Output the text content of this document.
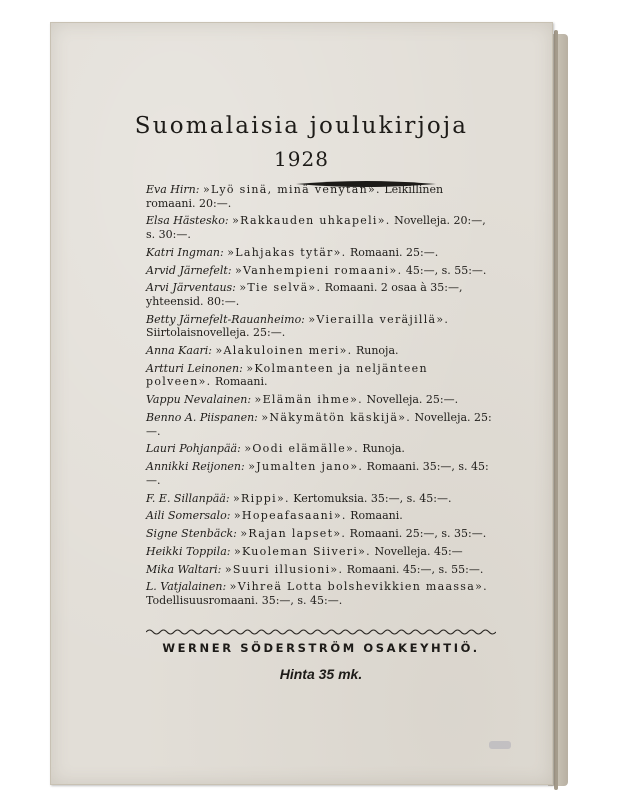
Suomalaisia joulukirjoja
1928

Eva Hirn: »Lyö sinä, minä venytän». Leikillinen romaani. 20:—.

Elsa Hästesko: »Rakkauden uhkapeli». Novelleja. 20:—, s. 30:—.

Katri Ingman: »Lahjakas tytär». Romaani. 25:—.

Arvid Järnefelt: »Vanhempieni romaani». 45:—, s. 55:—.

Arvi Järventaus: »Tie selvä». Romaani. 2 osaa à 35:—, yhteensid. 80:—.

Betty Järnefelt-Rauanheimo: »Vierailla veräjillä». Siirtolaisnovelleja. 25:—.

Anna Kaari: »Alakuloinen meri». Runoja.

Artturi Leinonen: »Kolmanteen ja neljänteen polveen». Romaani.

Vappu Nevalainen: »Elämän ihme». Novelleja. 25:—.

Benno A. Piispanen: »Näkymätön käskijä». Novelleja. 25:—.

Lauri Pohjanpää: »Oodi elämälle». Runoja.

Annikki Reijonen: »Jumalten jano». Romaani. 35:—, s. 45:—.

F. E. Sillanpää: »Rippi». Kertomuksia. 35:—, s. 45:—.

Aili Somersalo: »Hopeafasaani». Romaani.

Signe Stenbäck: »Rajan lapset». Romaani. 25:—, s. 35:—.

Heikki Toppila: »Kuoleman Siiveri». Novelleja. 45:—

Mika Waltari: »Suuri illusioni». Romaani. 45:—, s. 55:—.

L. Vatjalainen: »Vihreä Lotta bolshevikkien maassa». Todellisuusromaani. 35:—, s. 45:—.

WERNER SÖDERSTRÖM OSAKEYHTIÖ.
Hinta 35 mk.
